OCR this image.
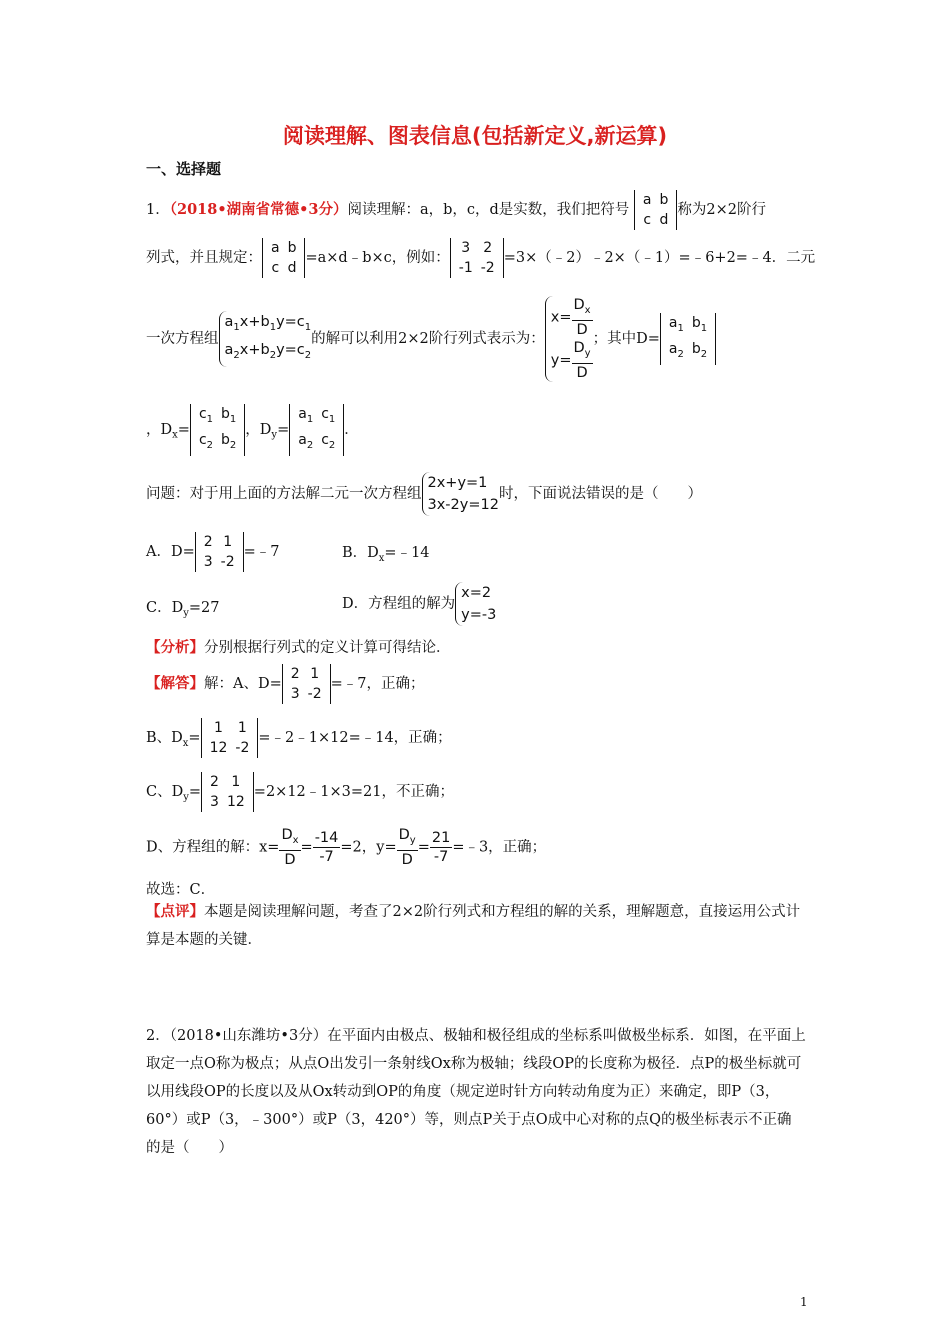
阅读理解、图表信息(包括新定义,新运算)
一、选择题
1．（2018•湖南省常德•3分）阅读理解：a，b，c，d是实数，我们把符号
a	b
c	d
称为2×2阶行
列式，并且规定：
a	b
c	d
=a×d﹣b×c，例如：
3	2
-1	-2
=3×（﹣2）﹣2×（﹣1）=﹣6+2=﹣4．二元
一次方程组$a_1x+b_1y=c_1$
$a_2x+b_2y=c_2$的解可以利用2×2阶行列式表示为：$x= \frac{D_x}{D}$

$y= \frac{D_y}{D}$ ；其中D=
$a_1$	$b_1$
$a_2$	$b_2$
，$D_x=$
$c_1$	$b_1$
$c_2$	$b_2$
，$D_y=$
$a_1$	$c_1$
$a_2$	$c_2$
．
问题：对于用上面的方法解二元一次方程组2x+y=1
3x-2y=12时，下面说法错误的是（　　）
A．D=
2	1
3	-2
=﹣7	B．$D_x=﹣14$
C．$D_y=27$	D．方程组的解为x=2
y=-3
【分析】分别根据行列式的定义计算可得结论．
【解答】解：A、D=
2	1
3	-2
=﹣7，正确；
B、$D_x=$
1	1
12	-2
=﹣2﹣1×12=﹣14，正确；
C、$D_y=$
2	1
3	12
=2×12﹣1×3=21，不正确；
D、方程组的解：$x= \frac{D_x}{D} = \frac{-14}{-7} =2$，$y= \frac{D_y}{D} = \frac{21}{-7}$ =﹣3，正确；
故选：C．
【点评】本题是阅读理解问题，考查了2×2阶行列式和方程组的解的关系，理解题意，直接运用公式计算是本题的关键．
2．（2018•山东潍坊•3分）在平面内由极点、极轴和极径组成的坐标系叫做极坐标系．如图，在平面上取定一点O称为极点；从点O出发引一条射线Ox称为极轴；线段OP的长度称为极径．点P的极坐标就可以用线段OP的长度以及从Ox转动到OP的角度（规定逆时针方向转动角度为正）来确定，即P（3，60°）或P（3，﹣300°）或P（3，420°）等，则点P关于点O成中心对称的点Q的极坐标表示不正确的是（　　）
1
